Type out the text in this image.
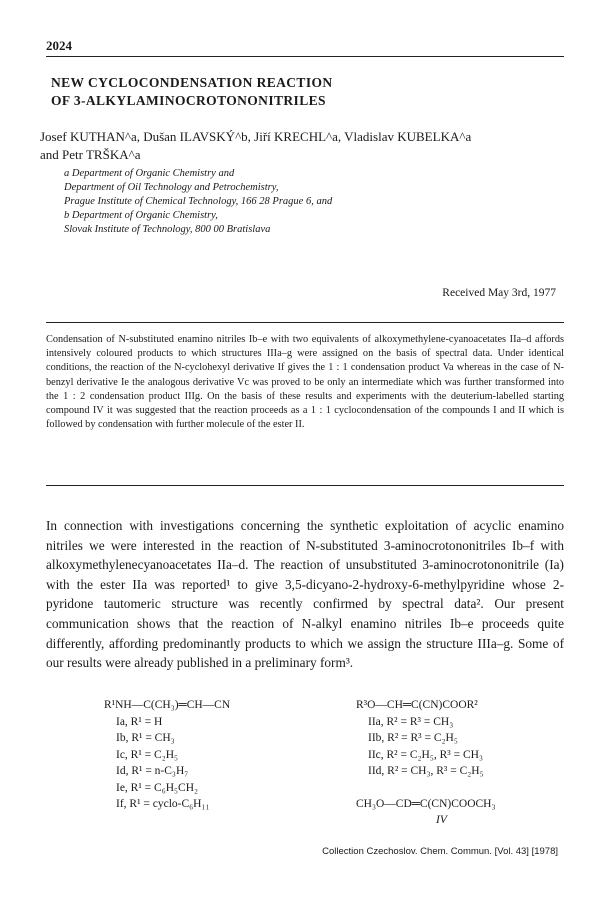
2024
NEW CYCLOCONDENSATION REACTION
OF 3-ALKYLAMINOCROTONONITRILES
Josef KUTHAN^a, Dušan ILAVSKÝ^b, Jiří KRECHL^a, Vladislav KUBELKA^a
and Petr TRŠKA^a
a Department of Organic Chemistry and
Department of Oil Technology and Petrochemistry,
Prague Institute of Chemical Technology, 166 28 Prague 6, and
b Department of Organic Chemistry,
Slovak Institute of Technology, 800 00 Bratislava
Received May 3rd, 1977
Condensation of N-substituted enamino nitriles Ib–e with two equivalents of alkoxymethylene-cyanoacetates IIa–d affords intensively coloured products to which structures IIIa–g were assigned on the basis of spectral data. Under identical conditions, the reaction of the N-cyclohexyl derivative If gives the 1 : 1 condensation product Va whereas in the case of N-benzyl derivative Ie the analogous derivative Vc was proved to be only an intermediate which was further transformed into the 1 : 2 condensation product IIIg. On the basis of these results and experiments with the deuterium-labelled starting compound IV it was suggested that the reaction proceeds as a 1 : 1 cyclocondensation of the compounds I and II which is followed by condensation with further molecule of the ester II.
In connection with investigations concerning the synthetic exploitation of acyclic enamino nitriles we were interested in the reaction of N-substituted 3-aminocrotononitriles Ib–f with alkoxymethylenecyanoacetates IIa–d. The reaction of unsubstituted 3-aminocrotononitrile (Ia) with the ester IIa was reported¹ to give 3,5-dicyano-2-hydroxy-6-methylpyridine whose 2-pyridone tautomeric structure was recently confirmed by spectral data². Our present communication shows that the reaction of N-alkyl enamino nitriles Ib–e proceeds quite differently, affording predominantly products to which we assign the structure IIIa–g. Some of our results were already published in a preliminary form³.
R¹NH—C(CH₃)═CH—CN
Ia, R¹ = H
Ib, R¹ = CH₃
Ic, R¹ = C₂H₅
Id, R¹ = n-C₃H₇
Ie, R¹ = C₆H₅CH₂
If, R¹ = cyclo-C₆H₁₁
R³O—CH═C(CN)COOR²
IIa, R² = R³ = CH₃
IIb, R² = R³ = C₂H₅
IIc, R² = C₂H₅, R³ = CH₃
IId, R² = CH₃, R³ = C₂H₅
CH₃O—CD═C(CN)COOCH₃
IV
Collection Czechoslov. Chem. Commun. [Vol. 43] [1978]
